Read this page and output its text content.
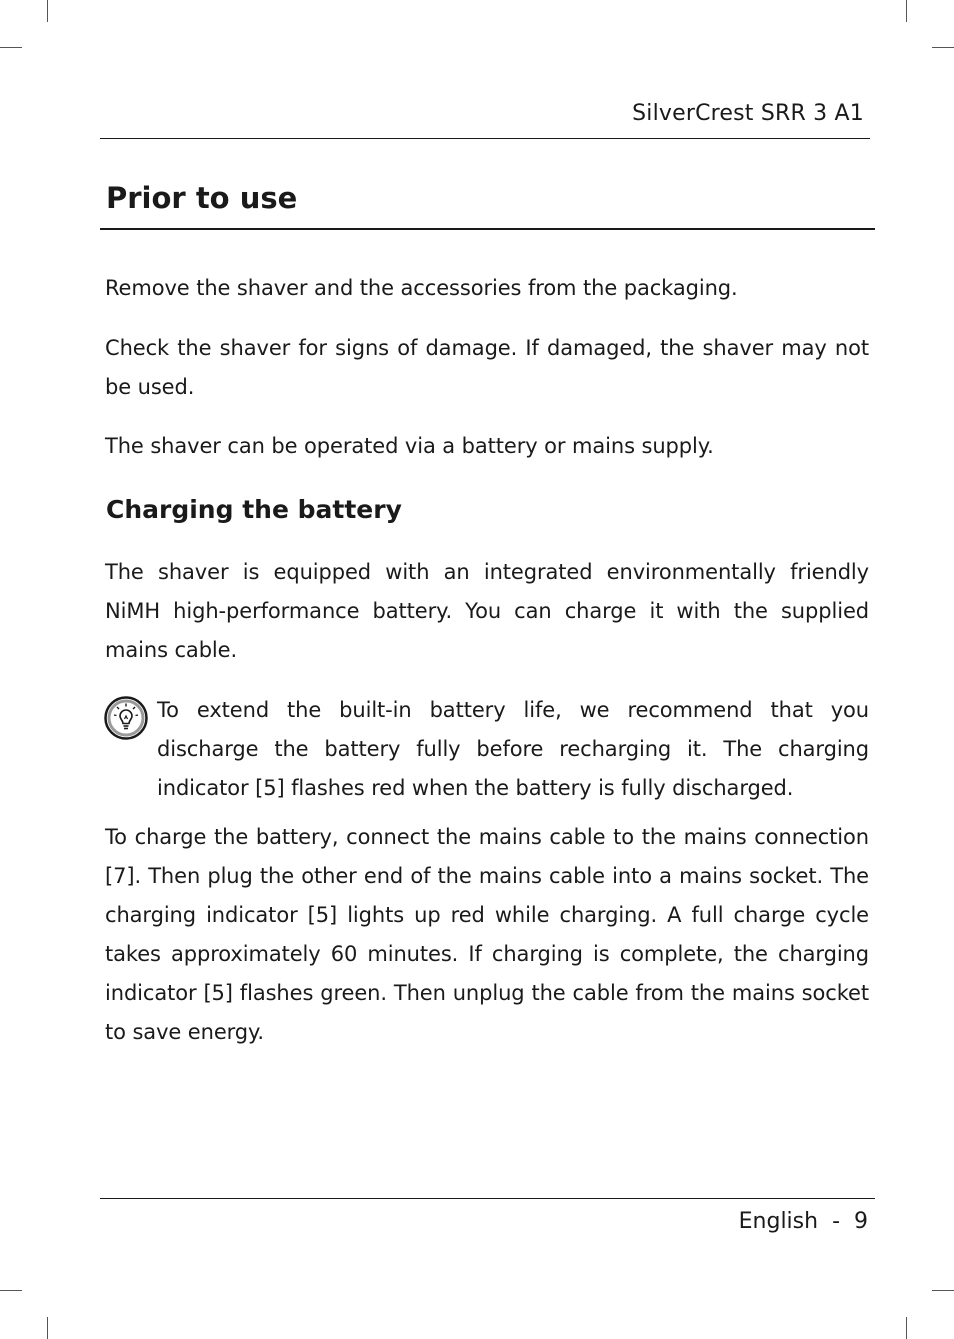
SilverCrest SRR 3 A1
Prior to use

Remove the shaver and the accessories from the packaging.

Check the shaver for signs of damage. If damaged, the shaver may not be used.

The shaver can be operated via a battery or mains supply.

Charging the battery

The shaver is equipped with an integrated environmentally friendly NiMH high-performance battery. You can charge it with the supplied mains cable.

To extend the built-in battery life, we recommend that you discharge the battery fully before recharging it. The charging indicator [5] flashes red when the battery is fully discharged.

To charge the battery, connect the mains cable to the mains connection [7]. Then plug the other end of the mains cable into a mains socket. The charging indicator [5] lights up red while charging. A full charge cycle takes approximately 60 minutes. If charging is complete, the charging indicator [5] flashes green. Then unplug the cable from the mains socket to save energy.

English  -  9
